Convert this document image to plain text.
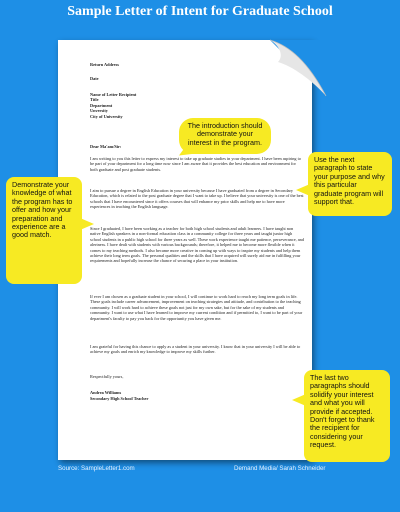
Sample Letter of Intent for Graduate School
Return Address
Date
Name of Letter Recipient
Title
Department
Unversity
City of University
Dear Ma'am/Sir:

I am writing to you this letter to express my interest to take up graduate studies in your department. I have been aspiring to be part of your department for a long time now since I am aware that it provides the best education and environment for both graduate and post graduate students.

I aim to pursue a degree in English Education in your university because I have graduated from a degree in Secondary Education, which is related to the post graduate degree that I want to take up. I believe that your university is one of the best schools that I have encountered since it offers courses that will enhance my prior skills and help me to have more experiences in teaching the English language.

Since I graduated, I have been working as a teacher for both high school students and adult learners. I have taught non native English speakers in a non-formal education class in a community college for three years and taught junior high school students in a public high school for three years as well. These work experience taught me patience, perseverance, and alertness. I have dealt with students with various backgrounds; therefore, it helped me to become more flexible when it comes to my teaching methods. I also became more creative in coming up with ways to inspire my students and help them achieve their long term goals. The personal qualities and the skills that I have acquired will surely aid me in fulfilling your requirements and hopefully increase the chance of securing a place in your institution.

If ever I am chosen as a graduate student in your school, I will continue to work hard to reach my long term goals in life. These goals include career advancement, improvement on teaching strategies and attitude, and contribution to the teaching community. I will work hard to achieve these goals not just for my own sake, but for the sake of my students and community. I want to use what I have learned to improve my current condition and if permitted to, I want to be part of your department's faculty to pay you back for the opportunity you have given me.

I am grateful for having this chance to apply as a student in your university. I know that in your university I will be able to achieve my goals and enrich my knowledge to improve my skills further.

Respectfully yours,
Andrea Williams
Secondary High School Teacher
The introduction should demonstrate your interest in the program.
Use the next paragraph to state your purpose and why this particular graduate program will support that.
Demonstrate your knowledge of what the program has to offer and how your preparation and experience are a good match.
The last two paragraphs should solidify your interest and what you will provide if accepted. Don't forget to thank the recipient for considering your request.
Source: SampleLetter1.com	Demand Media/ Sarah Schneider
